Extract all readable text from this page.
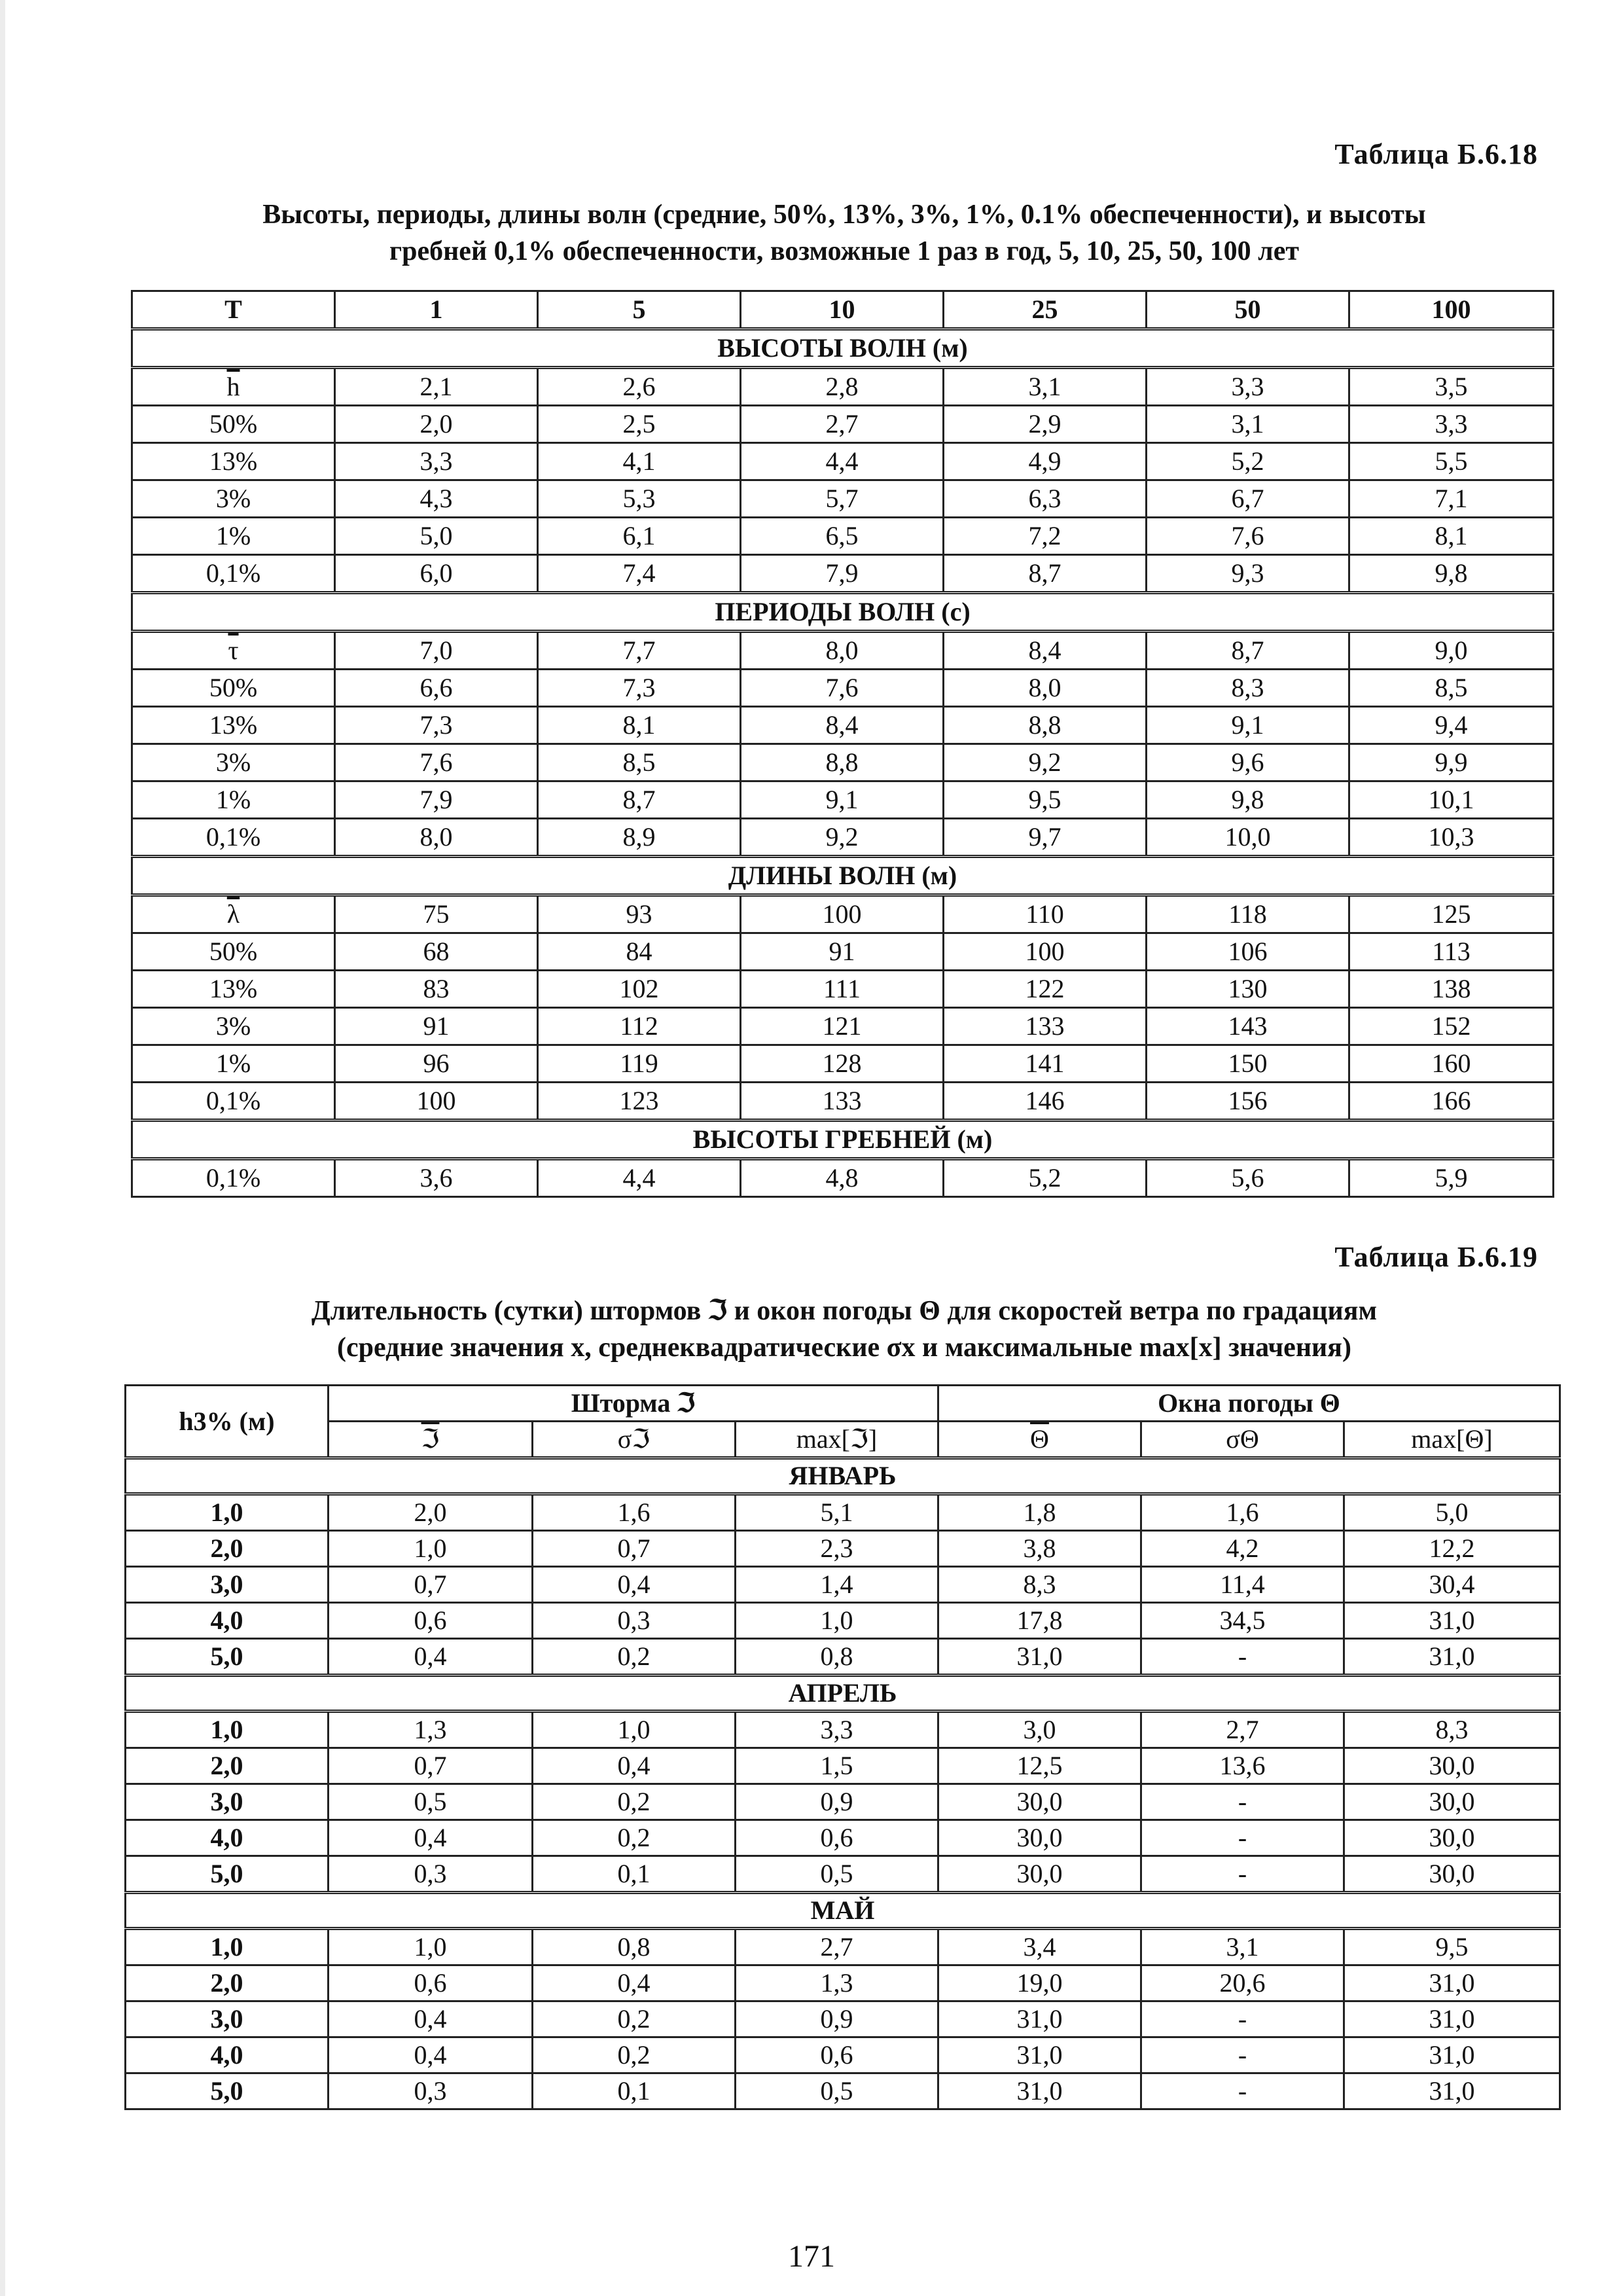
Таблица Б.6.18
Высоты, периоды, длины волн (средние, 50%, 13%, 3%, 1%, 0.1% обеспеченности), и высоты
гребней 0,1% обеспеченности, возможные 1 раз в год, 5, 10, 25, 50, 100 лет
T	1	5	10	25	50	100
ВЫСОТЫ ВОЛН (м)						
$\overline{h}$	2,1	2,6	2,8	3,1	3,3	3,5
50%	2,0	2,5	2,7	2,9	3,1	3,3
13%	3,3	4,1	4,4	4,9	5,2	5,5
3%	4,3	5,3	5,7	6,3	6,7	7,1
1%	5,0	6,1	6,5	7,2	7,6	8,1
0,1%	6,0	7,4	7,9	8,7	9,3	9,8
ПЕРИОДЫ ВОЛН (с)						
$\overline{\tau}$	7,0	7,7	8,0	8,4	8,7	9,0
50%	6,6	7,3	7,6	8,0	8,3	8,5
13%	7,3	8,1	8,4	8,8	9,1	9,4
3%	7,6	8,5	8,8	9,2	9,6	9,9
1%	7,9	8,7	9,1	9,5	9,8	10,1
0,1%	8,0	8,9	9,2	9,7	10,0	10,3
ДЛИНЫ ВОЛН (м)						
$\overline{\lambda}$	75	93	100	110	118	125
50%	68	84	91	100	106	113
13%	83	102	111	122	130	138
3%	91	112	121	133	143	152
1%	96	119	128	141	150	160
0,1%	100	123	133	146	156	166
ВЫСОТЫ ГРЕБНЕЙ (м)						
0,1%	3,6	4,4	4,8	5,2	5,6	5,9
Таблица Б.6.19
Длительность (сутки) штормов ℑ и окон погоды Θ для скоростей ветра по градациям
(средние значения x, среднеквадратические σx и максимальные max[x] значения)
h3% (м)	Шторма ℑ			Окна погоды Θ		
	ℑ	σℑ	max[ℑ]	$\overline{\Theta}$	σΘ	max[Θ]
ЯНВАРЬ						
1,0	2,0	1,6	5,1	1,8	1,6	5,0
2,0	1,0	0,7	2,3	3,8	4,2	12,2
3,0	0,7	0,4	1,4	8,3	11,4	30,4
4,0	0,6	0,3	1,0	17,8	34,5	31,0
5,0	0,4	0,2	0,8	31,0	-	31,0
АПРЕЛЬ						
1,0	1,3	1,0	3,3	3,0	2,7	8,3
2,0	0,7	0,4	1,5	12,5	13,6	30,0
3,0	0,5	0,2	0,9	30,0	-	30,0
4,0	0,4	0,2	0,6	30,0	-	30,0
5,0	0,3	0,1	0,5	30,0	-	30,0
МАЙ						
1,0	1,0	0,8	2,7	3,4	3,1	9,5
2,0	0,6	0,4	1,3	19,0	20,6	31,0
3,0	0,4	0,2	0,9	31,0	-	31,0
4,0	0,4	0,2	0,6	31,0	-	31,0
5,0	0,3	0,1	0,5	31,0	-	31,0
171
